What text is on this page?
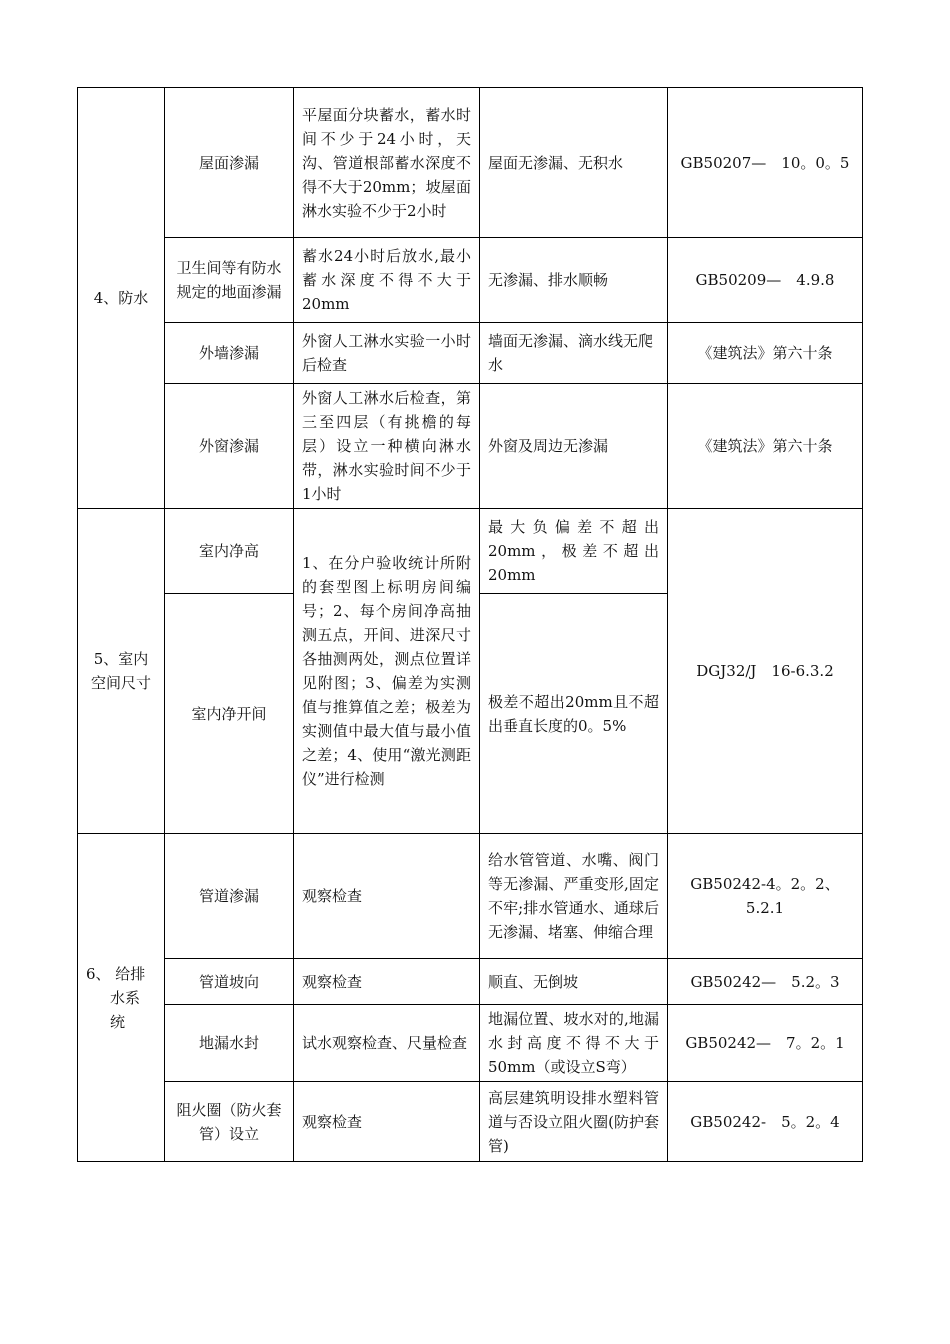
4、防水	屋面渗漏	平屋面分块蓄水，蓄水时间不少于24小时，天沟、管道根部蓄水深度不得不大于20mm；坡屋面淋水实验不少于2小时	屋面无渗漏、无积水	GB50207—　10。0。5
	卫生间等有防水规定的地面渗漏	蓄水24小时后放水,最小蓄水深度不得不大于20mm	无渗漏、排水顺畅	GB50209—　4.9.8
	外墙渗漏	外窗人工淋水实验一小时后检查	墙面无渗漏、滴水线无爬水	《建筑法》第六十条
	外窗渗漏	外窗人工淋水后检查，第三至四层（有挑檐的每层）设立一种横向淋水带，淋水实验时间不少于1小时	外窗及周边无渗漏	《建筑法》第六十条

5、室内空间尺寸	室内净高	1、在分户验收统计所附的套型图上标明房间编号；2、每个房间净高抽测五点，开间、进深尺寸各抽测两处，测点位置详见附图；3、偏差为实测值与推算值之差；极差为实测值中最大值与最小值之差；4、使用“激光测距仪”进行检测	最大负偏差不超出20mm，极差不超出20mm	DGJ32/J　16-6.3.2
	室内净开间		极差不超出20mm且不超出垂直长度的0。5%	

6、 给排
水系
统	管道渗漏	观察检查	给水管管道、水嘴、阀门等无渗漏、严重变形,固定不牢;排水管通水、通球后无渗漏、堵塞、伸缩合理	GB50242-4。2。2、5.2.1
	管道坡向	观察检查	顺直、无倒坡	GB50242—　5.2。3
	地漏水封	试水观察检查、尺量检查	地漏位置、坡水对的,地漏水封高度不得不大于50mm（或设立S弯）	GB50242—　7。2。1
	阻火圈（防火套管）设立	观察检查	高层建筑明设排水塑料管道与否设立阻火圈(防护套管)	GB50242-　5。2。4
